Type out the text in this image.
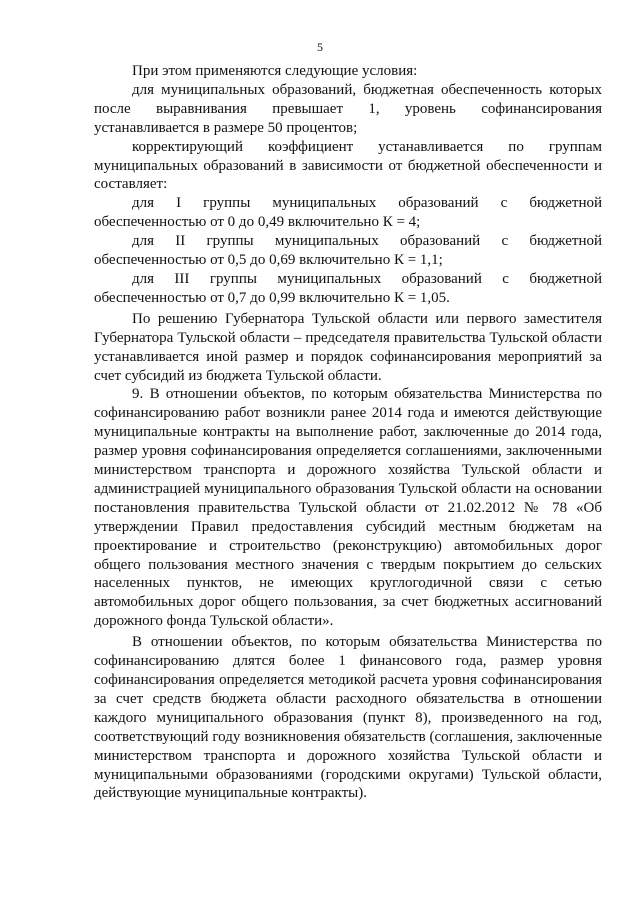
5

При этом применяются следующие условия:

для муниципальных образований, бюджетная обеспеченность которых после выравнивания превышает 1, уровень софинансирования устанавливается в размере 50 процентов;

корректирующий коэффициент устанавливается по группам муниципальных образований в зависимости от бюджетной обеспеченности и составляет:

для I группы муниципальных образований с бюджетной обеспеченностью от 0 до 0,49 включительно К = 4;

для II группы муниципальных образований с бюджетной обеспеченностью от 0,5 до 0,69 включительно К = 1,1;

для III группы муниципальных образований с бюджетной обеспеченностью от 0,7 до 0,99 включительно К = 1,05.

По решению Губернатора Тульской области или первого заместителя Губернатора Тульской области – председателя правительства Тульской области устанавливается иной размер и порядок софинансирования мероприятий за счет субсидий из бюджета Тульской области.

9. В отношении объектов, по которым обязательства Министерства по софинансированию работ возникли ранее 2014 года и имеются действующие муниципальные контракты на выполнение работ, заключенные до 2014 года, размер уровня софинансирования определяется соглашениями, заключенными министерством транспорта и дорожного хозяйства Тульской области и администрацией муниципального образования Тульской области на основании постановления правительства Тульской области от 21.02.2012 № 78 «Об утверждении Правил предоставления субсидий местным бюджетам на проектирование и строительство (реконструкцию) автомобильных дорог общего пользования местного значения с твердым покрытием до сельских населенных пунктов, не имеющих круглогодичной связи с сетью автомобильных дорог общего пользования, за счет бюджетных ассигнований дорожного фонда Тульской области».

В отношении объектов, по которым обязательства Министерства по софинансированию длятся более 1 финансового года, размер уровня софинансирования определяется методикой расчета уровня софинансирования за счет средств бюджета области расходного обязательства в отношении каждого муниципального образования (пункт 8), произведенного на год, соответствующий году возникновения обязательств (соглашения, заключенные министерством транспорта и дорожного хозяйства Тульской области и муниципальными образованиями (городскими округами) Тульской области, действующие муниципальные контракты).
